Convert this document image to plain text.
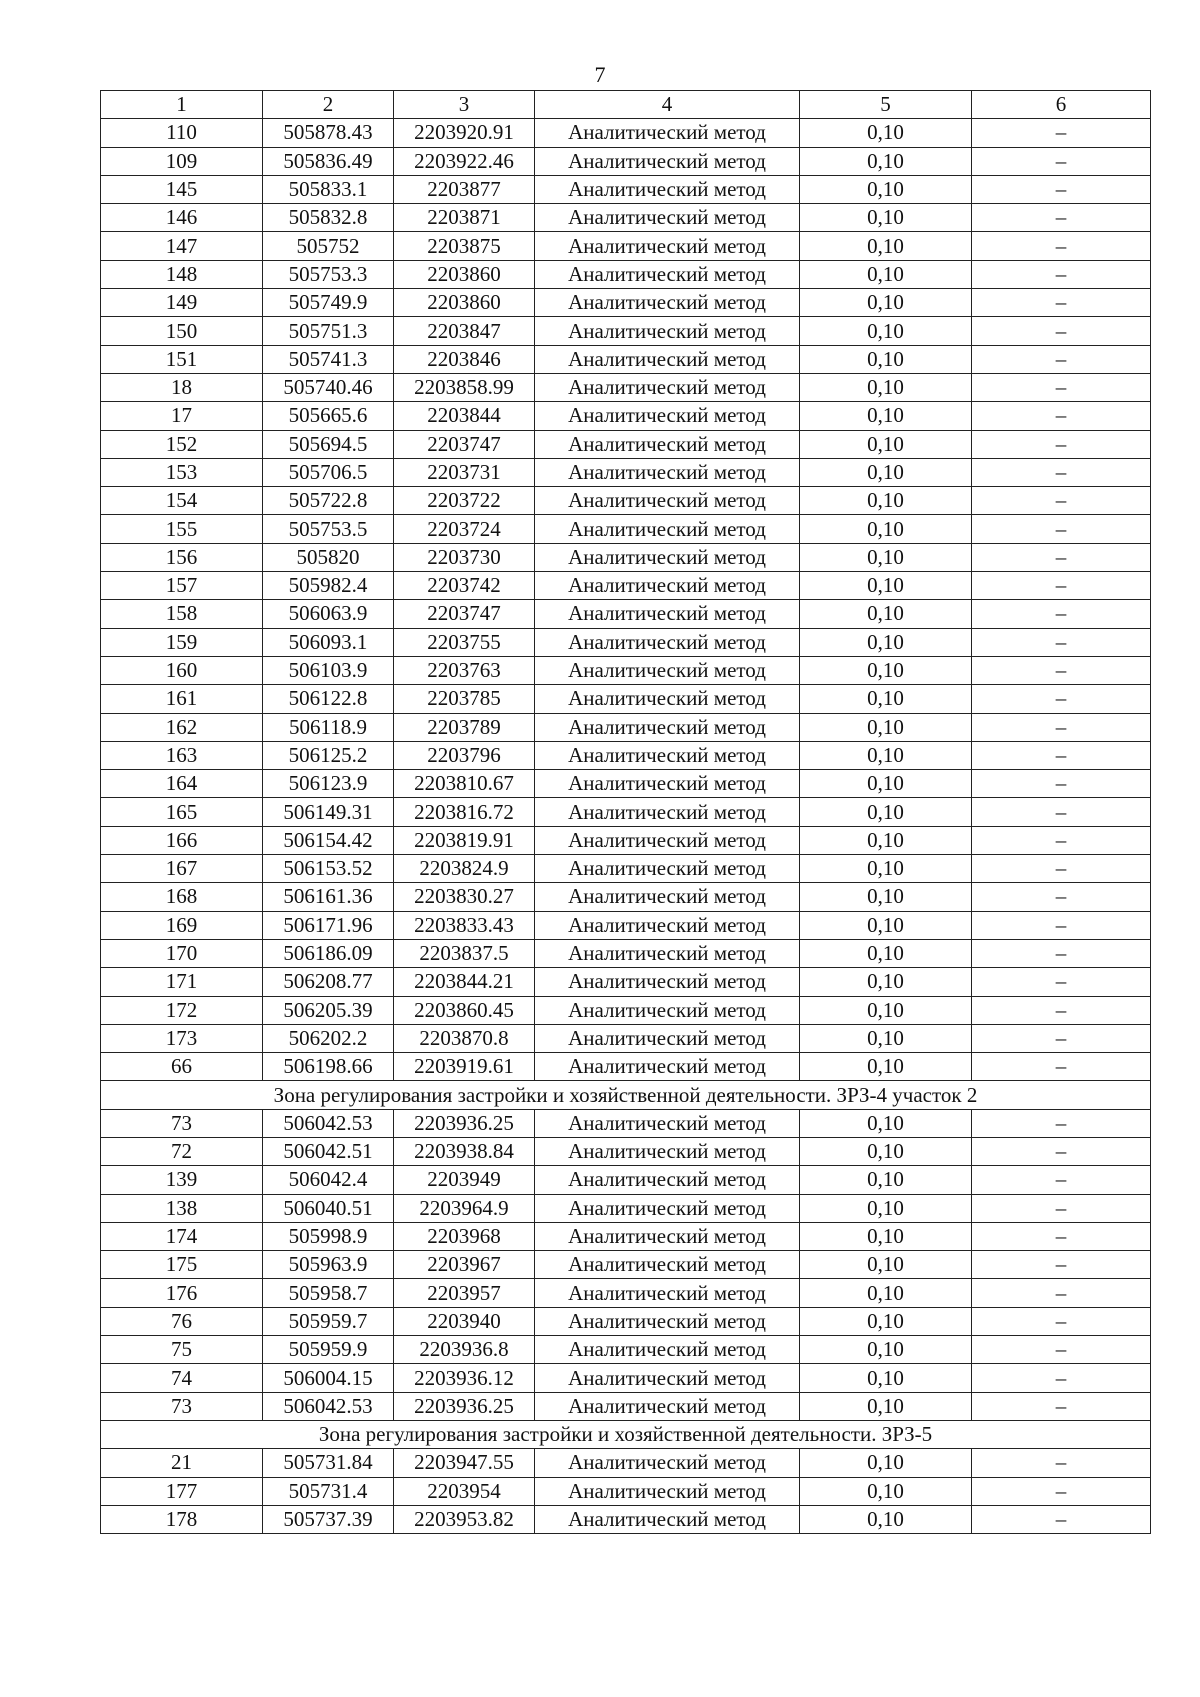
7
1	2	3	4	5	6
110	505878.43	2203920.91	Аналитический метод	0,10	–
109	505836.49	2203922.46	Аналитический метод	0,10	–
145	505833.1	2203877	Аналитический метод	0,10	–
146	505832.8	2203871	Аналитический метод	0,10	–
147	505752	2203875	Аналитический метод	0,10	–
148	505753.3	2203860	Аналитический метод	0,10	–
149	505749.9	2203860	Аналитический метод	0,10	–
150	505751.3	2203847	Аналитический метод	0,10	–
151	505741.3	2203846	Аналитический метод	0,10	–
18	505740.46	2203858.99	Аналитический метод	0,10	–
17	505665.6	2203844	Аналитический метод	0,10	–
152	505694.5	2203747	Аналитический метод	0,10	–
153	505706.5	2203731	Аналитический метод	0,10	–
154	505722.8	2203722	Аналитический метод	0,10	–
155	505753.5	2203724	Аналитический метод	0,10	–
156	505820	2203730	Аналитический метод	0,10	–
157	505982.4	2203742	Аналитический метод	0,10	–
158	506063.9	2203747	Аналитический метод	0,10	–
159	506093.1	2203755	Аналитический метод	0,10	–
160	506103.9	2203763	Аналитический метод	0,10	–
161	506122.8	2203785	Аналитический метод	0,10	–
162	506118.9	2203789	Аналитический метод	0,10	–
163	506125.2	2203796	Аналитический метод	0,10	–
164	506123.9	2203810.67	Аналитический метод	0,10	–
165	506149.31	2203816.72	Аналитический метод	0,10	–
166	506154.42	2203819.91	Аналитический метод	0,10	–
167	506153.52	2203824.9	Аналитический метод	0,10	–
168	506161.36	2203830.27	Аналитический метод	0,10	–
169	506171.96	2203833.43	Аналитический метод	0,10	–
170	506186.09	2203837.5	Аналитический метод	0,10	–
171	506208.77	2203844.21	Аналитический метод	0,10	–
172	506205.39	2203860.45	Аналитический метод	0,10	–
173	506202.2	2203870.8	Аналитический метод	0,10	–
66	506198.66	2203919.61	Аналитический метод	0,10	–
Зона регулирования застройки и хозяйственной деятельности. ЗРЗ-4 участок 2					
73	506042.53	2203936.25	Аналитический метод	0,10	–
72	506042.51	2203938.84	Аналитический метод	0,10	–
139	506042.4	2203949	Аналитический метод	0,10	–
138	506040.51	2203964.9	Аналитический метод	0,10	–
174	505998.9	2203968	Аналитический метод	0,10	–
175	505963.9	2203967	Аналитический метод	0,10	–
176	505958.7	2203957	Аналитический метод	0,10	–
76	505959.7	2203940	Аналитический метод	0,10	–
75	505959.9	2203936.8	Аналитический метод	0,10	–
74	506004.15	2203936.12	Аналитический метод	0,10	–
73	506042.53	2203936.25	Аналитический метод	0,10	–
Зона регулирования застройки и хозяйственной деятельности. ЗРЗ-5					
21	505731.84	2203947.55	Аналитический метод	0,10	–
177	505731.4	2203954	Аналитический метод	0,10	–
178	505737.39	2203953.82	Аналитический метод	0,10	–
